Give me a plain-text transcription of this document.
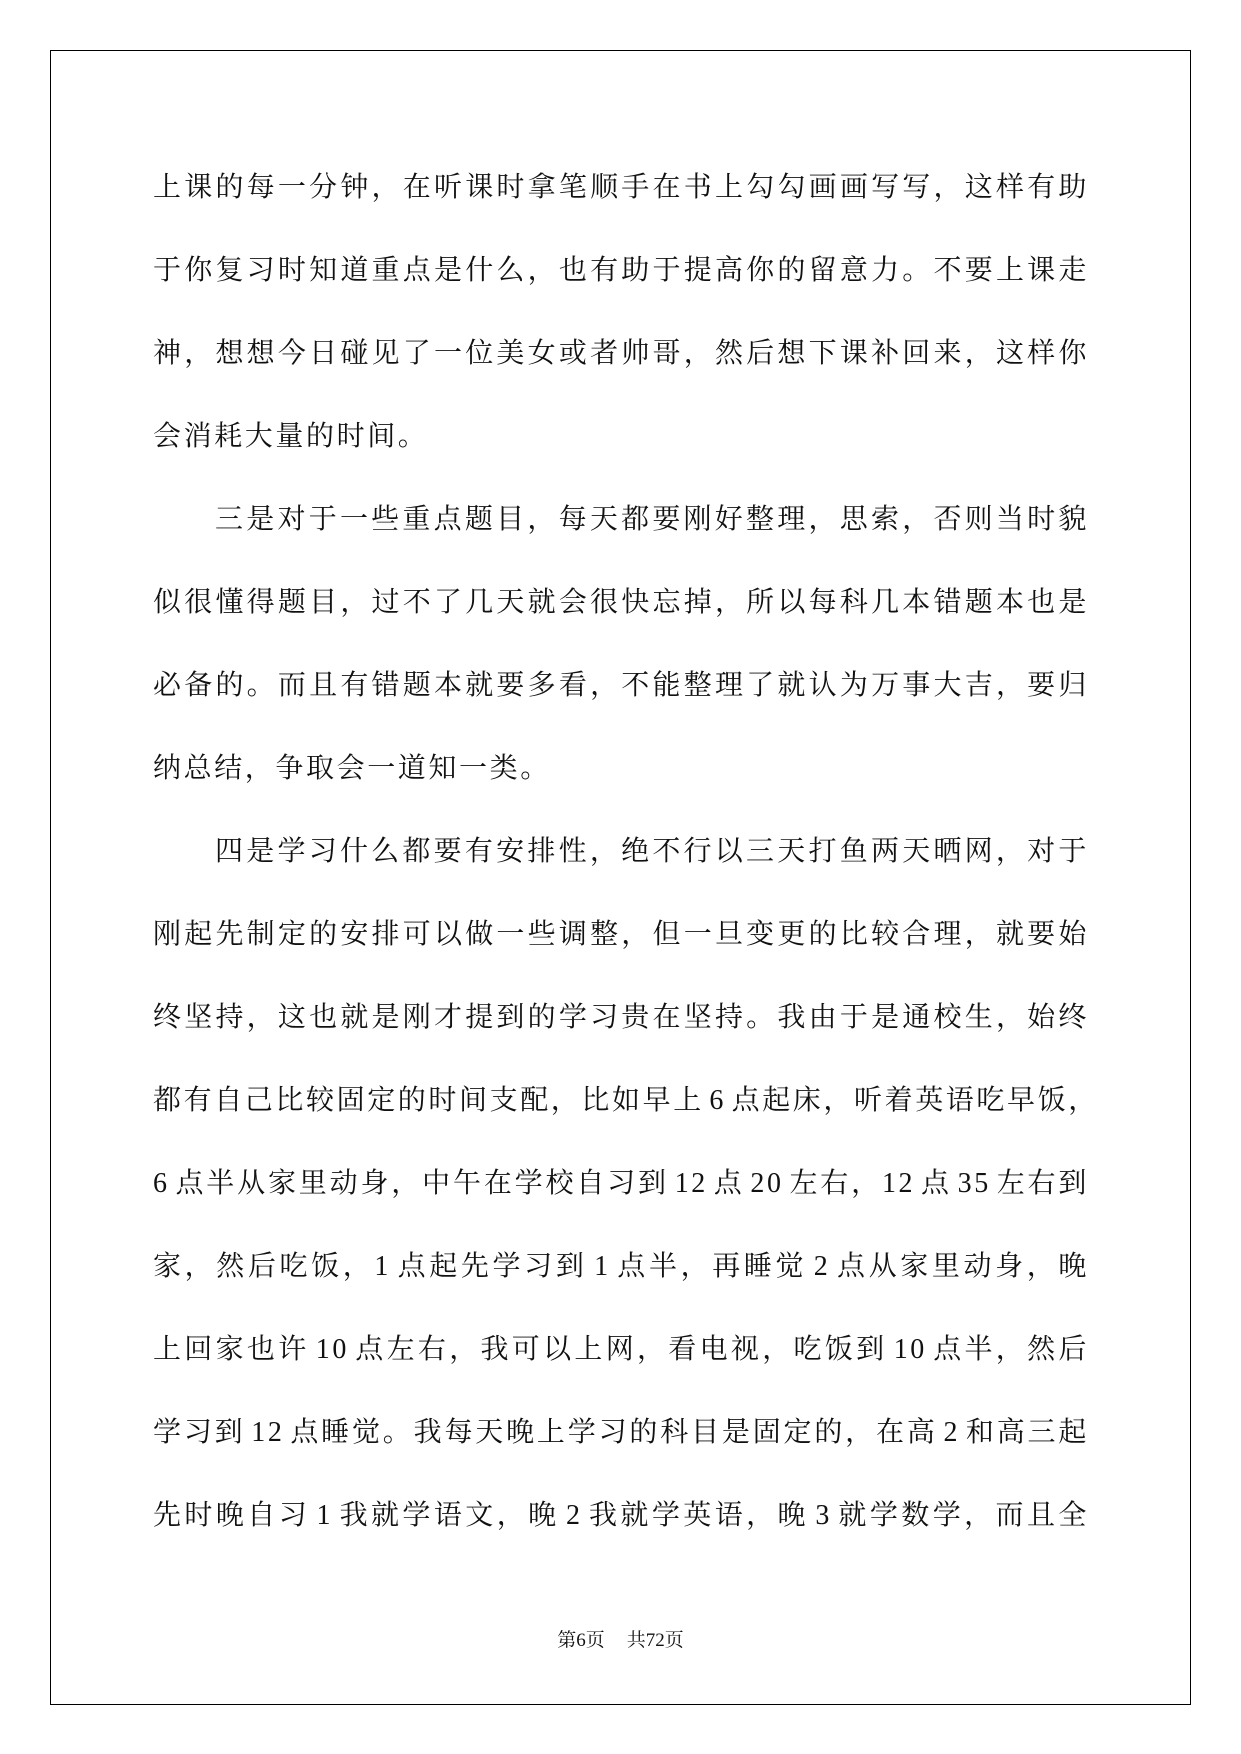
上课的每一分钟，在听课时拿笔顺手在书上勾勾画画写写，这样有助
于你复习时知道重点是什么，也有助于提高你的留意力。不要上课走
神，想想今日碰见了一位美女或者帅哥，然后想下课补回来，这样你
会消耗大量的时间。
三是对于一些重点题目，每天都要刚好整理，思索，否则当时貌
似很懂得题目，过不了几天就会很快忘掉，所以每科几本错题本也是
必备的。而且有错题本就要多看，不能整理了就认为万事大吉，要归
纳总结，争取会一道知一类。
四是学习什么都要有安排性，绝不行以三天打鱼两天晒网，对于
刚起先制定的安排可以做一些调整，但一旦变更的比较合理，就要始
终坚持，这也就是刚才提到的学习贵在坚持。我由于是通校生，始终
都有自己比较固定的时间支配，比如早上 6 点起床，听着英语吃早饭，
6 点半从家里动身，中午在学校自习到 12 点 20 左右，12 点 35 左右到
家，然后吃饭，1 点起先学习到 1 点半，再睡觉 2 点从家里动身，晚
上回家也许 10 点左右，我可以上网，看电视，吃饭到 10 点半，然后
学习到 12 点睡觉。我每天晚上学习的科目是固定的，在高 2 和高三起
先时晚自习 1 我就学语文，晚 2 我就学英语，晚 3 就学数学，而且全
第6页 共72页
